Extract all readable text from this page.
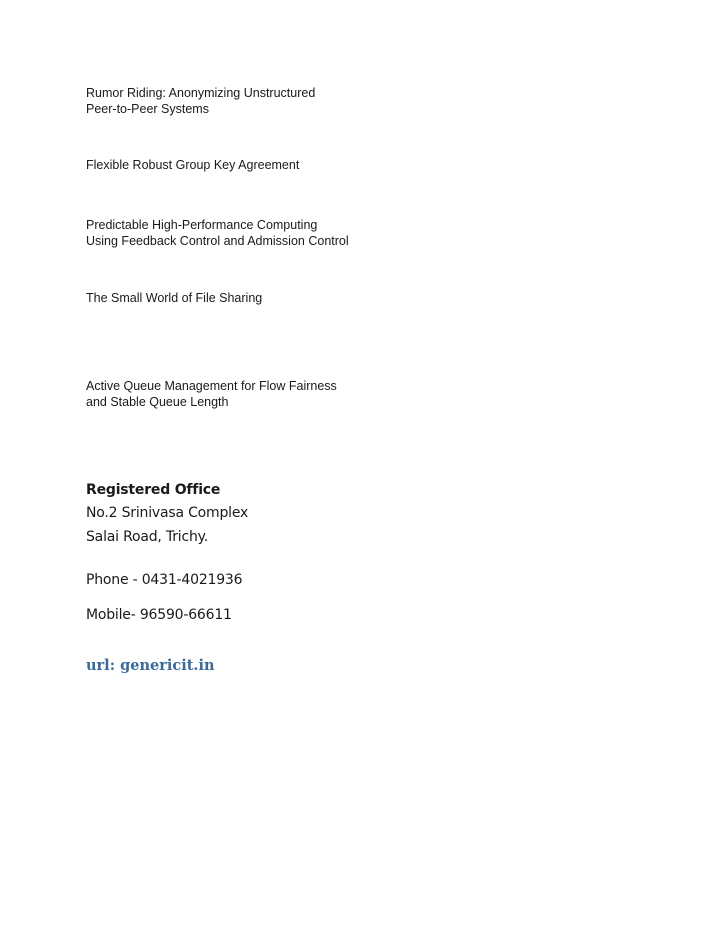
Rumor Riding: Anonymizing Unstructured
Peer-to-Peer Systems
Flexible Robust Group Key Agreement
Predictable High-Performance Computing
Using Feedback Control and Admission Control
The Small World of File Sharing
Active Queue Management for Flow Fairness
and Stable Queue Length
Registered Office
No.2 Srinivasa Complex
Salai Road, Trichy.
Phone - 0431-4021936
Mobile- 96590-66611
url: genericit.in
